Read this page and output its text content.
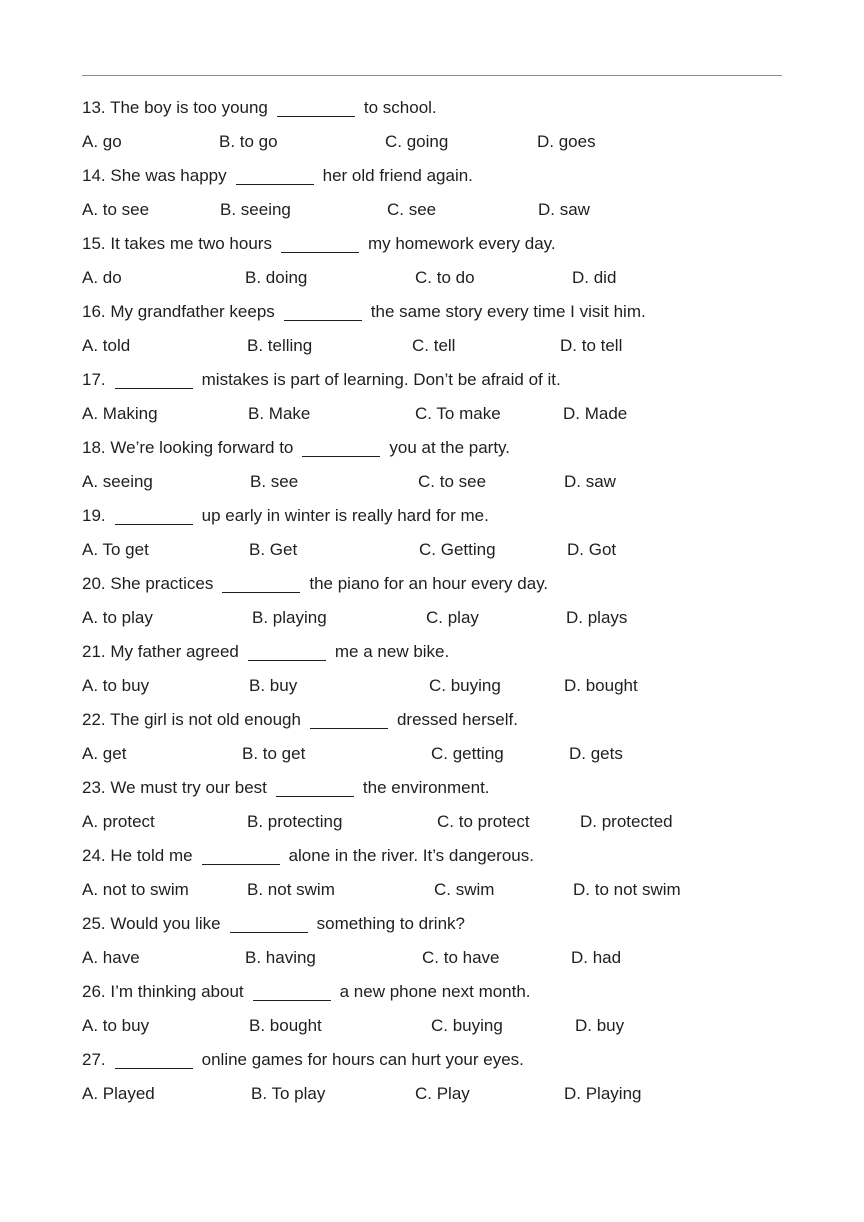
13. The boy is too young	to school.
A. go	B. to go	C. going	D. goes
14. She was happy	her old friend again.
A. to see	B. seeing	C. see	D. saw
15. It takes me two hours	my homework every day.
A. do	B. doing	C. to do	D. did
16. My grandfather keeps	the same story every time I visit him.
A. told	B. telling	C. tell	D. to tell
17.	mistakes is part of learning. Don’t be afraid of it.
A. Making	B. Make	C. To make	D. Made
18. We’re looking forward to	you at the party.
A. seeing	B. see	C. to see	D. saw
19.	up early in winter is really hard for me.
A. To get	B. Get	C. Getting	D. Got
20. She practices	the piano for an hour every day.
A. to play	B. playing	C. play	D. plays
21. My father agreed	me a new bike.
A. to buy	B. buy	C. buying	D. bought
22. The girl is not old enough	dressed herself.
A. get	B. to get	C. getting	D. gets
23. We must try our best	the environment.
A. protect	B. protecting	C. to protect	D. protected
24. He told me	alone in the river. It’s dangerous.
A. not to swim	B. not swim	C. swim	D. to not swim
25. Would you like	something to drink?
A. have	B. having	C. to have	D. had
26. I’m thinking about	a new phone next month.
A. to buy	B. bought	C. buying	D. buy
27.	online games for hours can hurt your eyes.
A. Played	B. To play	C. Play	D. Playing
